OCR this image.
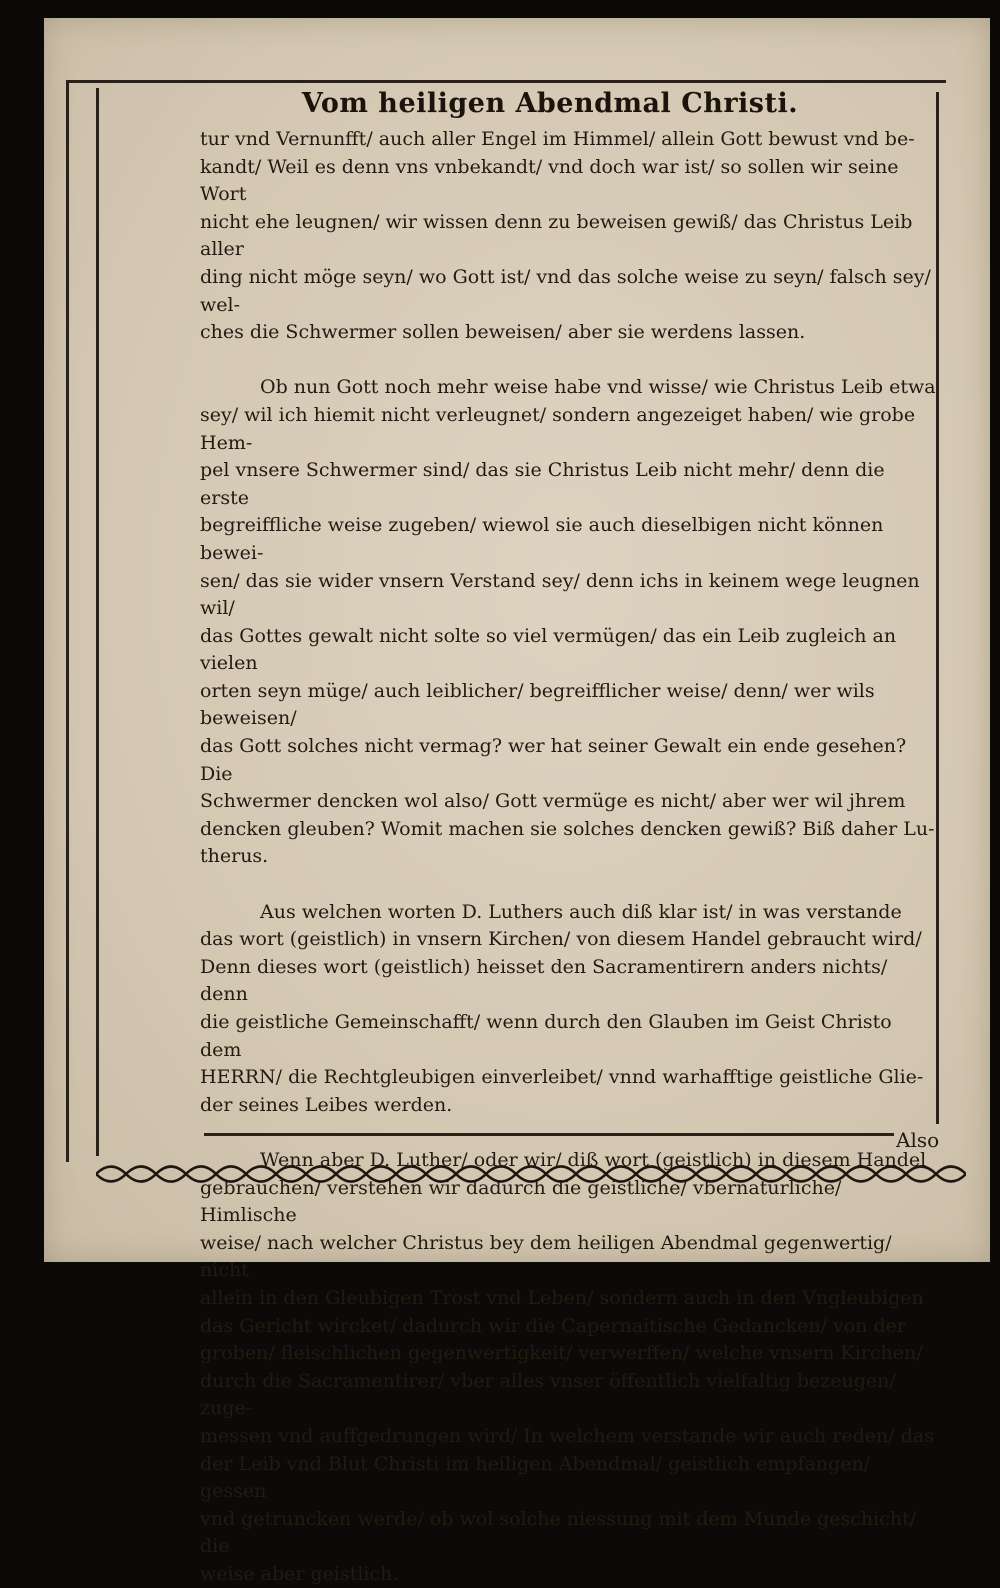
Vom heiligen Abendmal Christi.

tur vnd Vernunfft/ auch aller Engel im Himmel/ allein Gott bewust vnd be-
kandt/ Weil es denn vns vnbekandt/ vnd doch war ist/ so sollen wir seine Wort
nicht ehe leugnen/ wir wissen denn zu beweisen gewiß/ das Christus Leib aller
ding nicht möge seyn/ wo Gott ist/ vnd das solche weise zu seyn/ falsch sey/ wel-
ches die Schwermer sollen beweisen/ aber sie werdens lassen.

Ob nun Gott noch mehr weise habe vnd wisse/ wie Christus Leib etwa
sey/ wil ich hiemit nicht verleugnet/ sondern angezeiget haben/ wie grobe Hem-
pel vnsere Schwermer sind/ das sie Christus Leib nicht mehr/ denn die erste
begreiffliche weise zugeben/ wiewol sie auch dieselbigen nicht können bewei-
sen/ das sie wider vnsern Verstand sey/ denn ichs in keinem wege leugnen wil/
das Gottes gewalt nicht solte so viel vermügen/ das ein Leib zugleich an vielen
orten seyn müge/ auch leiblicher/ begreifflicher weise/ denn/ wer wils beweisen/
das Gott solches nicht vermag? wer hat seiner Gewalt ein ende gesehen? Die
Schwermer dencken wol also/ Gott vermüge es nicht/ aber wer wil jhrem
dencken gleuben? Womit machen sie solches dencken gewiß? Biß daher Lu-
therus.

Aus welchen worten D. Luthers auch diß klar ist/ in was verstande
das wort (geistlich) in vnsern Kirchen/ von diesem Handel gebraucht wird/
Denn dieses wort (geistlich) heisset den Sacramentirern anders nichts/ denn
die geistliche Gemeinschafft/ wenn durch den Glauben im Geist Christo dem
HERRN/ die Rechtgleubigen einverleibet/ vnnd warhafftige geistliche Glie-
der seines Leibes werden.

Wenn aber D. Luther/ oder wir/ diß wort (geistlich) in diesem Handel
gebrauchen/ verstehen wir dadurch die geistliche/ vbernatürliche/ Himlische
weise/ nach welcher Christus bey dem heiligen Abendmal gegenwertig/ nicht
allein in den Gleubigen Trost vnd Leben/ sondern auch in den Vngleubigen
das Gericht wircket/ dadurch wir die Capernaitische Gedancken/ von der
groben/ fleischlichen gegenwertigkeit/ verwerffen/ welche vnsern Kirchen/
durch die Sacramentirer/ vber alles vnser öffentlich vielfaltig bezeugen/ zuge-
messen vnd auffgedrungen wird/ In welchem verstande wir auch reden/ das
der Leib vnd Blut Christi im heiligen Abendmal/ geistlich empfangen/ gessen
vnd getruncken werde/ ob wol solche niessung mit dem Munde geschicht/ die
weise aber geistlich.

Also
